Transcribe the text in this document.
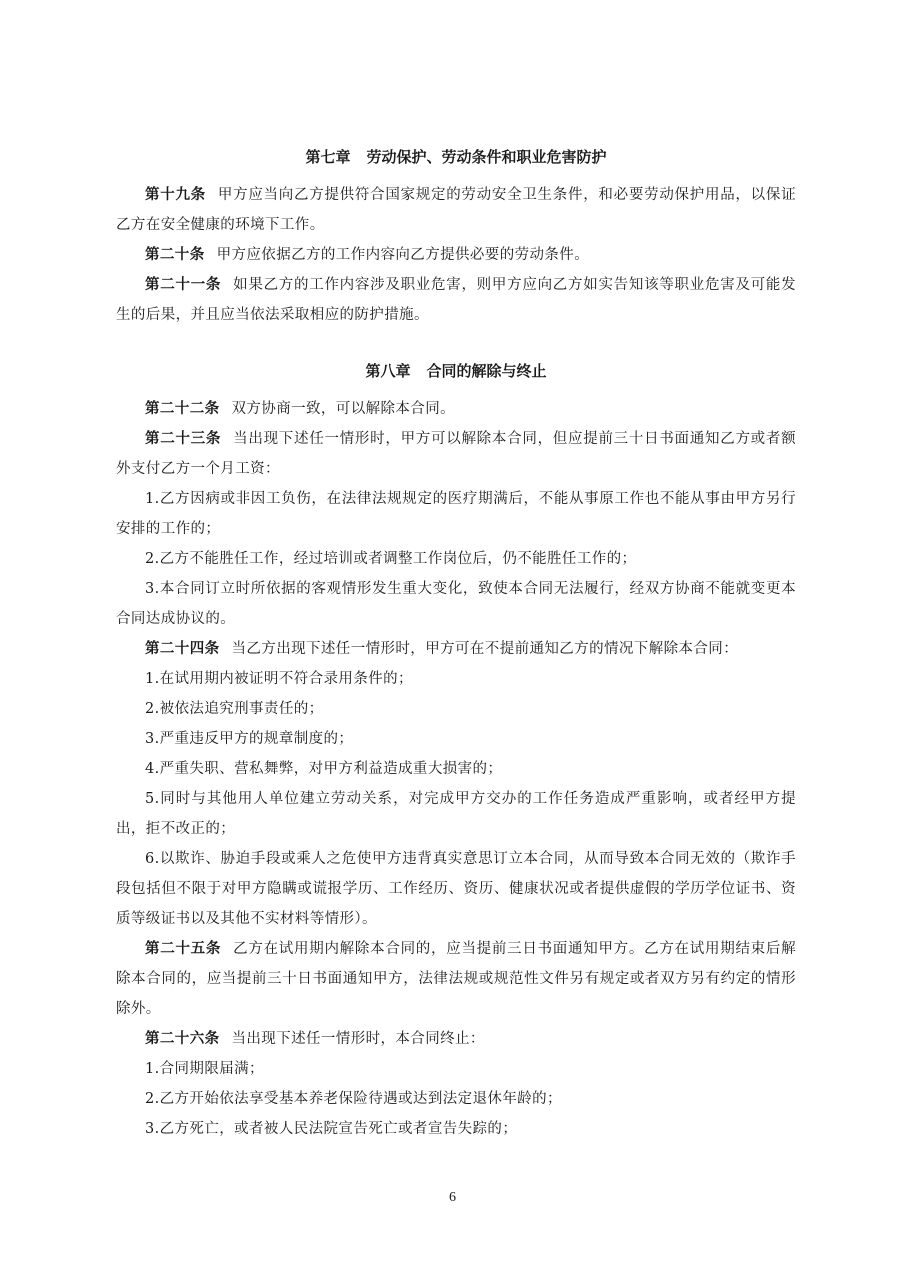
第七章 劳动保护、劳动条件和职业危害防护

第十九条 甲方应当向乙方提供符合国家规定的劳动安全卫生条件，和必要劳动保护用品，以保证乙方在安全健康的环境下工作。

第二十条 甲方应依据乙方的工作内容向乙方提供必要的劳动条件。

第二十一条 如果乙方的工作内容涉及职业危害，则甲方应向乙方如实告知该等职业危害及可能发生的后果，并且应当依法采取相应的防护措施。

第八章 合同的解除与终止

第二十二条 双方协商一致，可以解除本合同。

第二十三条 当出现下述任一情形时，甲方可以解除本合同，但应提前三十日书面通知乙方或者额外支付乙方一个月工资：

1.乙方因病或非因工负伤，在法律法规规定的医疗期满后，不能从事原工作也不能从事由甲方另行安排的工作的；

2.乙方不能胜任工作，经过培训或者调整工作岗位后，仍不能胜任工作的；

3.本合同订立时所依据的客观情形发生重大变化，致使本合同无法履行，经双方协商不能就变更本合同达成协议的。

第二十四条 当乙方出现下述任一情形时，甲方可在不提前通知乙方的情况下解除本合同：

1.在试用期内被证明不符合录用条件的；

2.被依法追究刑事责任的；

3.严重违反甲方的规章制度的；

4.严重失职、营私舞弊，对甲方利益造成重大损害的；

5.同时与其他用人单位建立劳动关系，对完成甲方交办的工作任务造成严重影响，或者经甲方提出，拒不改正的；

6.以欺诈、胁迫手段或乘人之危使甲方违背真实意思订立本合同，从而导致本合同无效的（欺诈手段包括但不限于对甲方隐瞒或谎报学历、工作经历、资历、健康状况或者提供虚假的学历学位证书、资质等级证书以及其他不实材料等情形）。

第二十五条 乙方在试用期内解除本合同的，应当提前三日书面通知甲方。乙方在试用期结束后解除本合同的，应当提前三十日书面通知甲方，法律法规或规范性文件另有规定或者双方另有约定的情形除外。

第二十六条 当出现下述任一情形时，本合同终止：

1.合同期限届满；

2.乙方开始依法享受基本养老保险待遇或达到法定退休年龄的；

3.乙方死亡，或者被人民法院宣告死亡或者宣告失踪的；

6
